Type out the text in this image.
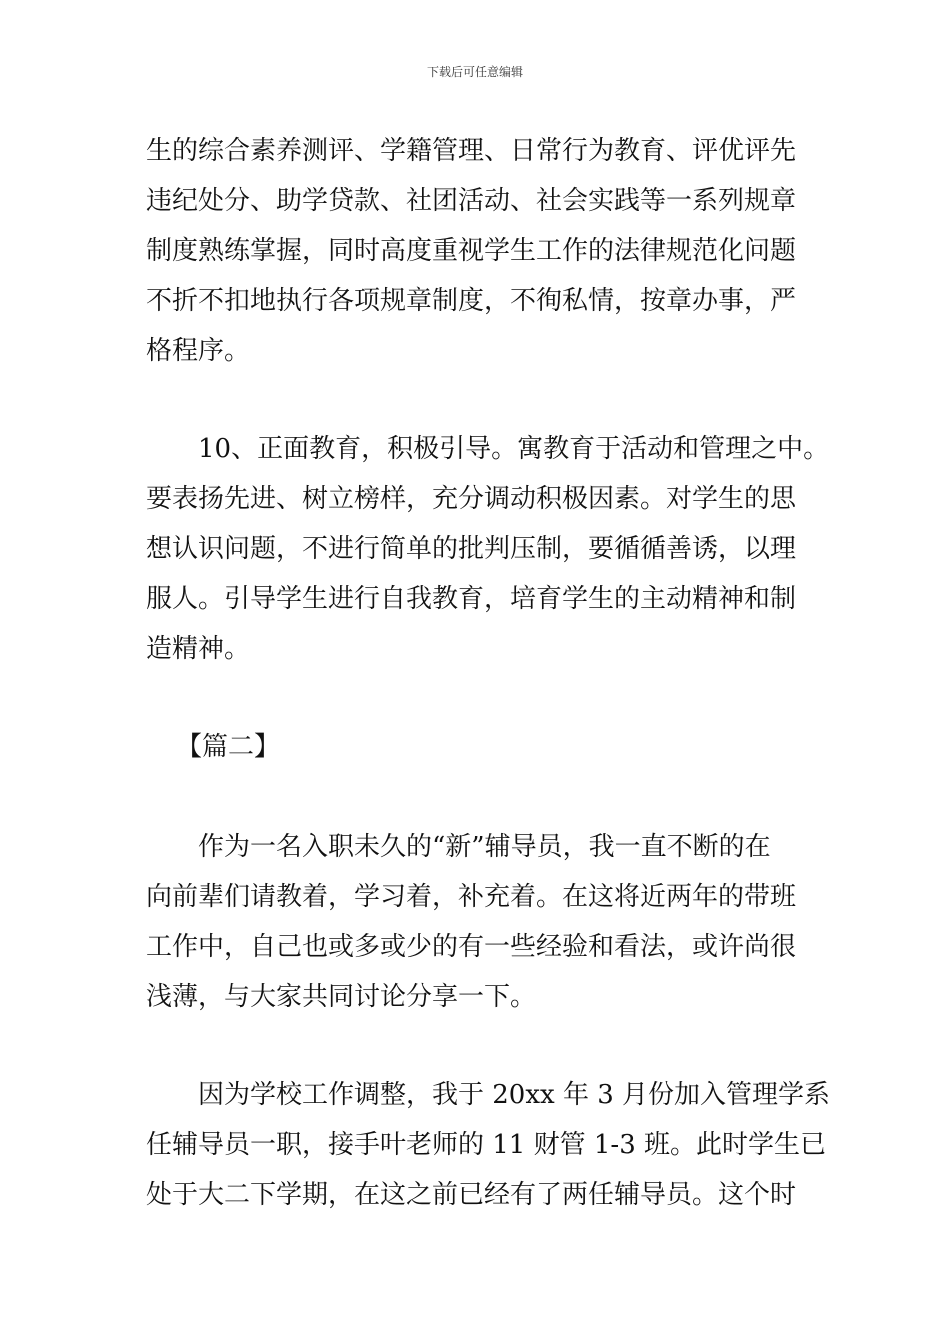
下载后可任意编辑
生的综合素养测评、学籍管理、日常行为教育、评优评先
违纪处分、助学贷款、社团活动、社会实践等一系列规章
制度熟练掌握，同时高度重视学生工作的法律规范化问题
不折不扣地执行各项规章制度，不徇私情，按章办事，严
格程序。
10、正面教育，积极引导。寓教育于活动和管理之中。
要表扬先进、树立榜样，充分调动积极因素。对学生的思
想认识问题，不进行简单的批判压制，要循循善诱，以理
服人。引导学生进行自我教育，培育学生的主动精神和制
造精神。
【篇二】
作为一名入职未久的“新”辅导员，我一直不断的在
向前辈们请教着，学习着，补充着。在这将近两年的带班
工作中，自己也或多或少的有一些经验和看法，或许尚很
浅薄，与大家共同讨论分享一下。
因为学校工作调整，我于 20xx 年 3 月份加入管理学系
任辅导员一职，接手叶老师的 11 财管 1-3 班。此时学生已
处于大二下学期，在这之前已经有了两任辅导员。这个时
